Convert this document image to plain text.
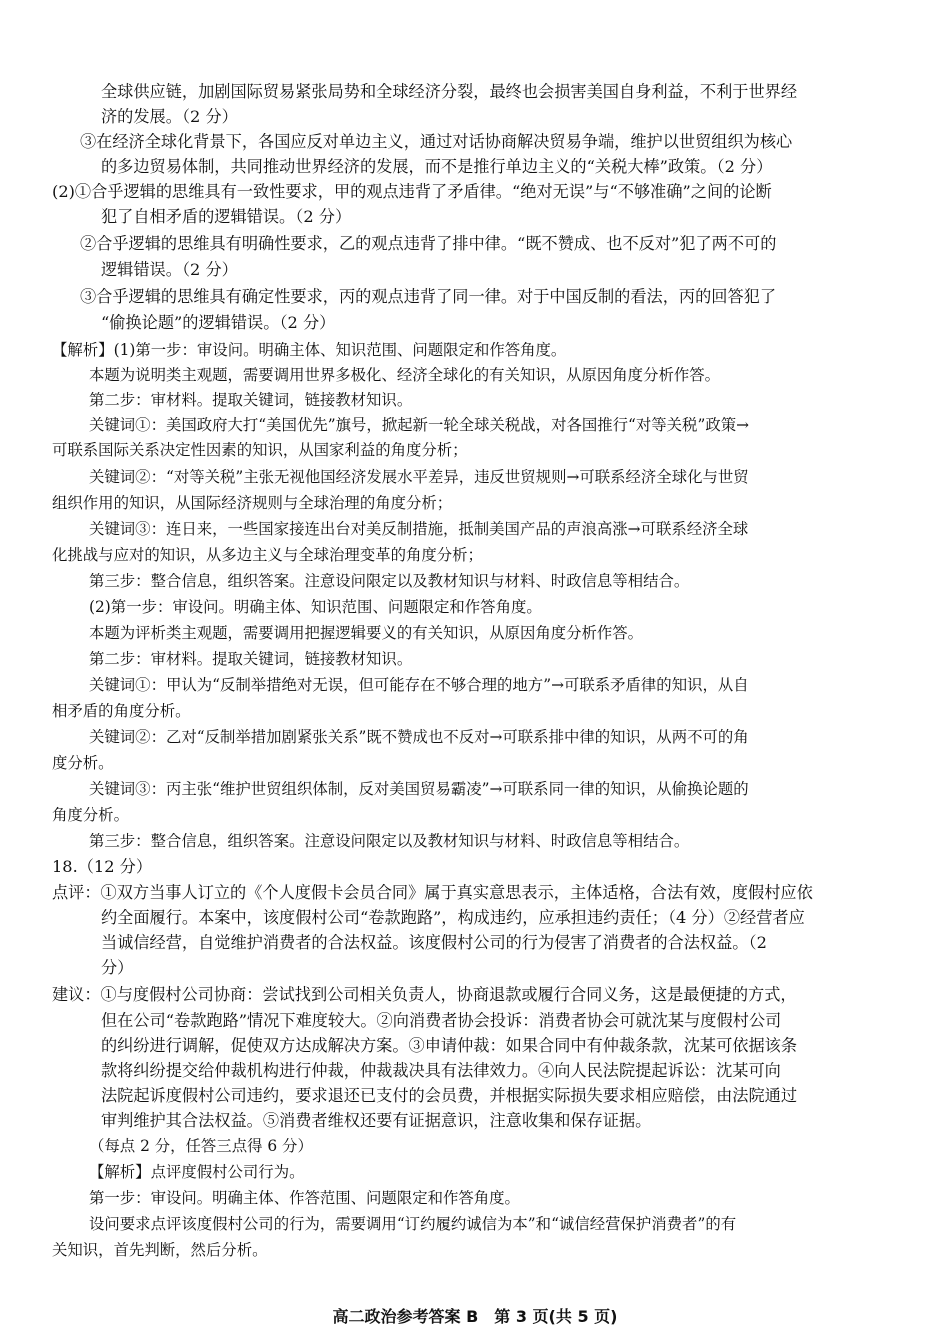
全球供应链，加剧国际贸易紧张局势和全球经济分裂，最终也会损害美国自身利益，不利于世界经
济的发展。（2 分）
③在经济全球化背景下，各国应反对单边主义，通过对话协商解决贸易争端，维护以世贸组织为核心
的多边贸易体制，共同推动世界经济的发展，而不是推行单边主义的“关税大棒”政策。（2 分）
(2)①合乎逻辑的思维具有一致性要求，甲的观点违背了矛盾律。“绝对无误”与“不够准确”之间的论断
犯了自相矛盾的逻辑错误。（2 分）
②合乎逻辑的思维具有明确性要求，乙的观点违背了排中律。“既不赞成、也不反对”犯了两不可的
逻辑错误。（2 分）
③合乎逻辑的思维具有确定性要求，丙的观点违背了同一律。对于中国反制的看法，丙的回答犯了
“偷换论题”的逻辑错误。（2 分）
【解析】(1)第一步：审设问。明确主体、知识范围、问题限定和作答角度。
本题为说明类主观题，需要调用世界多极化、经济全球化的有关知识，从原因角度分析作答。
第二步：审材料。提取关键词，链接教材知识。
关键词①：美国政府大打“美国优先”旗号，掀起新一轮全球关税战，对各国推行“对等关税”政策→
可联系国际关系决定性因素的知识，从国家利益的角度分析；
关键词②：“对等关税”主张无视他国经济发展水平差异，违反世贸规则→可联系经济全球化与世贸
组织作用的知识，从国际经济规则与全球治理的角度分析；
关键词③：连日来，一些国家接连出台对美反制措施，抵制美国产品的声浪高涨→可联系经济全球
化挑战与应对的知识，从多边主义与全球治理变革的角度分析；
第三步：整合信息，组织答案。注意设问限定以及教材知识与材料、时政信息等相结合。
(2)第一步：审设问。明确主体、知识范围、问题限定和作答角度。
本题为评析类主观题，需要调用把握逻辑要义的有关知识，从原因角度分析作答。
第二步：审材料。提取关键词，链接教材知识。
关键词①：甲认为“反制举措绝对无误，但可能存在不够合理的地方”→可联系矛盾律的知识，从自
相矛盾的角度分析。
关键词②：乙对“反制举措加剧紧张关系”既不赞成也不反对→可联系排中律的知识，从两不可的角
度分析。
关键词③：丙主张“维护世贸组织体制，反对美国贸易霸凌”→可联系同一律的知识，从偷换论题的
角度分析。
第三步：整合信息，组织答案。注意设问限定以及教材知识与材料、时政信息等相结合。
18.（12 分）
点评：①双方当事人订立的《个人度假卡会员合同》属于真实意思表示，主体适格，合法有效，度假村应依
约全面履行。本案中，该度假村公司“卷款跑路”，构成违约，应承担违约责任；（4 分）②经营者应
当诚信经营，自觉维护消费者的合法权益。该度假村公司的行为侵害了消费者的合法权益。（2
分）
建议：①与度假村公司协商：尝试找到公司相关负责人，协商退款或履行合同义务，这是最便捷的方式，
但在公司“卷款跑路”情况下难度较大。②向消费者协会投诉：消费者协会可就沈某与度假村公司
的纠纷进行调解，促使双方达成解决方案。③申请仲裁：如果合同中有仲裁条款，沈某可依据该条
款将纠纷提交给仲裁机构进行仲裁，仲裁裁决具有法律效力。④向人民法院提起诉讼：沈某可向
法院起诉度假村公司违约，要求退还已支付的会员费，并根据实际损失要求相应赔偿，由法院通过
审判维护其合法权益。⑤消费者维权还要有证据意识，注意收集和保存证据。
（每点 2 分，任答三点得 6 分）
【解析】点评度假村公司行为。
第一步：审设问。明确主体、作答范围、问题限定和作答角度。
设问要求点评该度假村公司的行为，需要调用“订约履约诚信为本”和“诚信经营保护消费者”的有
关知识，首先判断，然后分析。
高二政治参考答案 B　第 3 页(共 5 页)
